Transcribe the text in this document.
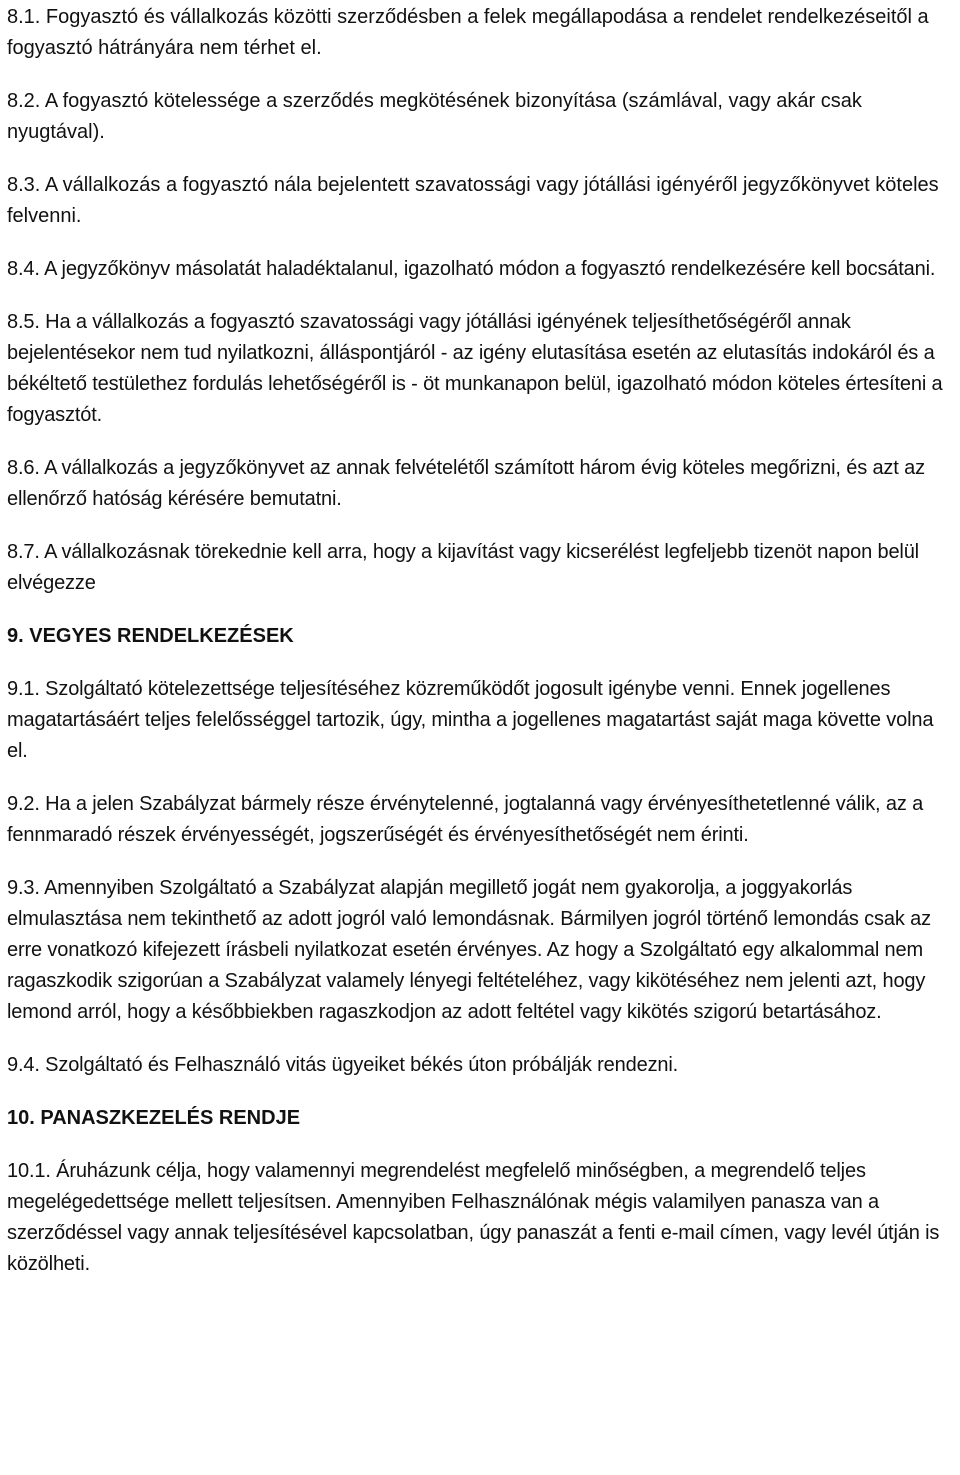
8.1. Fogyasztó és vállalkozás közötti szerződésben a felek megállapodása a rendelet rendelkezéseitől a fogyasztó hátrányára nem térhet el.

8.2. A fogyasztó kötelessége a szerződés megkötésének bizonyítása (számlával, vagy akár csak nyugtával).

8.3. A vállalkozás a fogyasztó nála bejelentett szavatossági vagy jótállási igényéről jegyzőkönyvet köteles felvenni.

8.4. A jegyzőkönyv másolatát haladéktalanul, igazolható módon a fogyasztó rendelkezésére kell bocsátani.

8.5. Ha a vállalkozás a fogyasztó szavatossági vagy jótállási igényének teljesíthetőségéről annak bejelentésekor nem tud nyilatkozni, álláspontjáról - az igény elutasítása esetén az elutasítás indokáról és a békéltető testülethez fordulás lehetőségéről is - öt munkanapon belül, igazolható módon köteles értesíteni a fogyasztót.

8.6. A vállalkozás a jegyzőkönyvet az annak felvételétől számított három évig köteles megőrizni, és azt az ellenőrző hatóság kérésére bemutatni.

8.7. A vállalkozásnak törekednie kell arra, hogy a kijavítást vagy kicserélést legfeljebb tizenöt napon belül elvégezze

9. VEGYES RENDELKEZÉSEK

9.1. Szolgáltató kötelezettsége teljesítéséhez közreműködőt jogosult igénybe venni. Ennek jogellenes magatartásáért teljes felelősséggel tartozik, úgy, mintha a jogellenes magatartást saját maga követte volna el.

9.2. Ha a jelen Szabályzat bármely része érvénytelenné, jogtalanná vagy érvényesíthetetlenné válik, az a fennmaradó részek érvényességét, jogszerűségét és érvényesíthetőségét nem érinti.

9.3. Amennyiben Szolgáltató a Szabályzat alapján megillető jogát nem gyakorolja, a joggyakorlás elmulasztása nem tekinthető az adott jogról való lemondásnak. Bármilyen jogról történő lemondás csak az erre vonatkozó kifejezett írásbeli nyilatkozat esetén érvényes. Az hogy a Szolgáltató egy alkalommal nem ragaszkodik szigorúan a Szabályzat valamely lényegi feltételéhez, vagy kikötéséhez nem jelenti azt, hogy lemond arról, hogy a későbbiekben ragaszkodjon az adott feltétel vagy kikötés szigorú betartásához.

9.4. Szolgáltató és Felhasználó vitás ügyeiket békés úton próbálják rendezni.

10. PANASZKEZELÉS RENDJE

10.1. Áruházunk célja, hogy valamennyi megrendelést megfelelő minőségben, a megrendelő teljes megelégedettsége mellett teljesítsen. Amennyiben Felhasználónak mégis valamilyen panasza van a szerződéssel vagy annak teljesítésével kapcsolatban, úgy panaszát a fenti e-mail címen, vagy levél útján is közölheti.
